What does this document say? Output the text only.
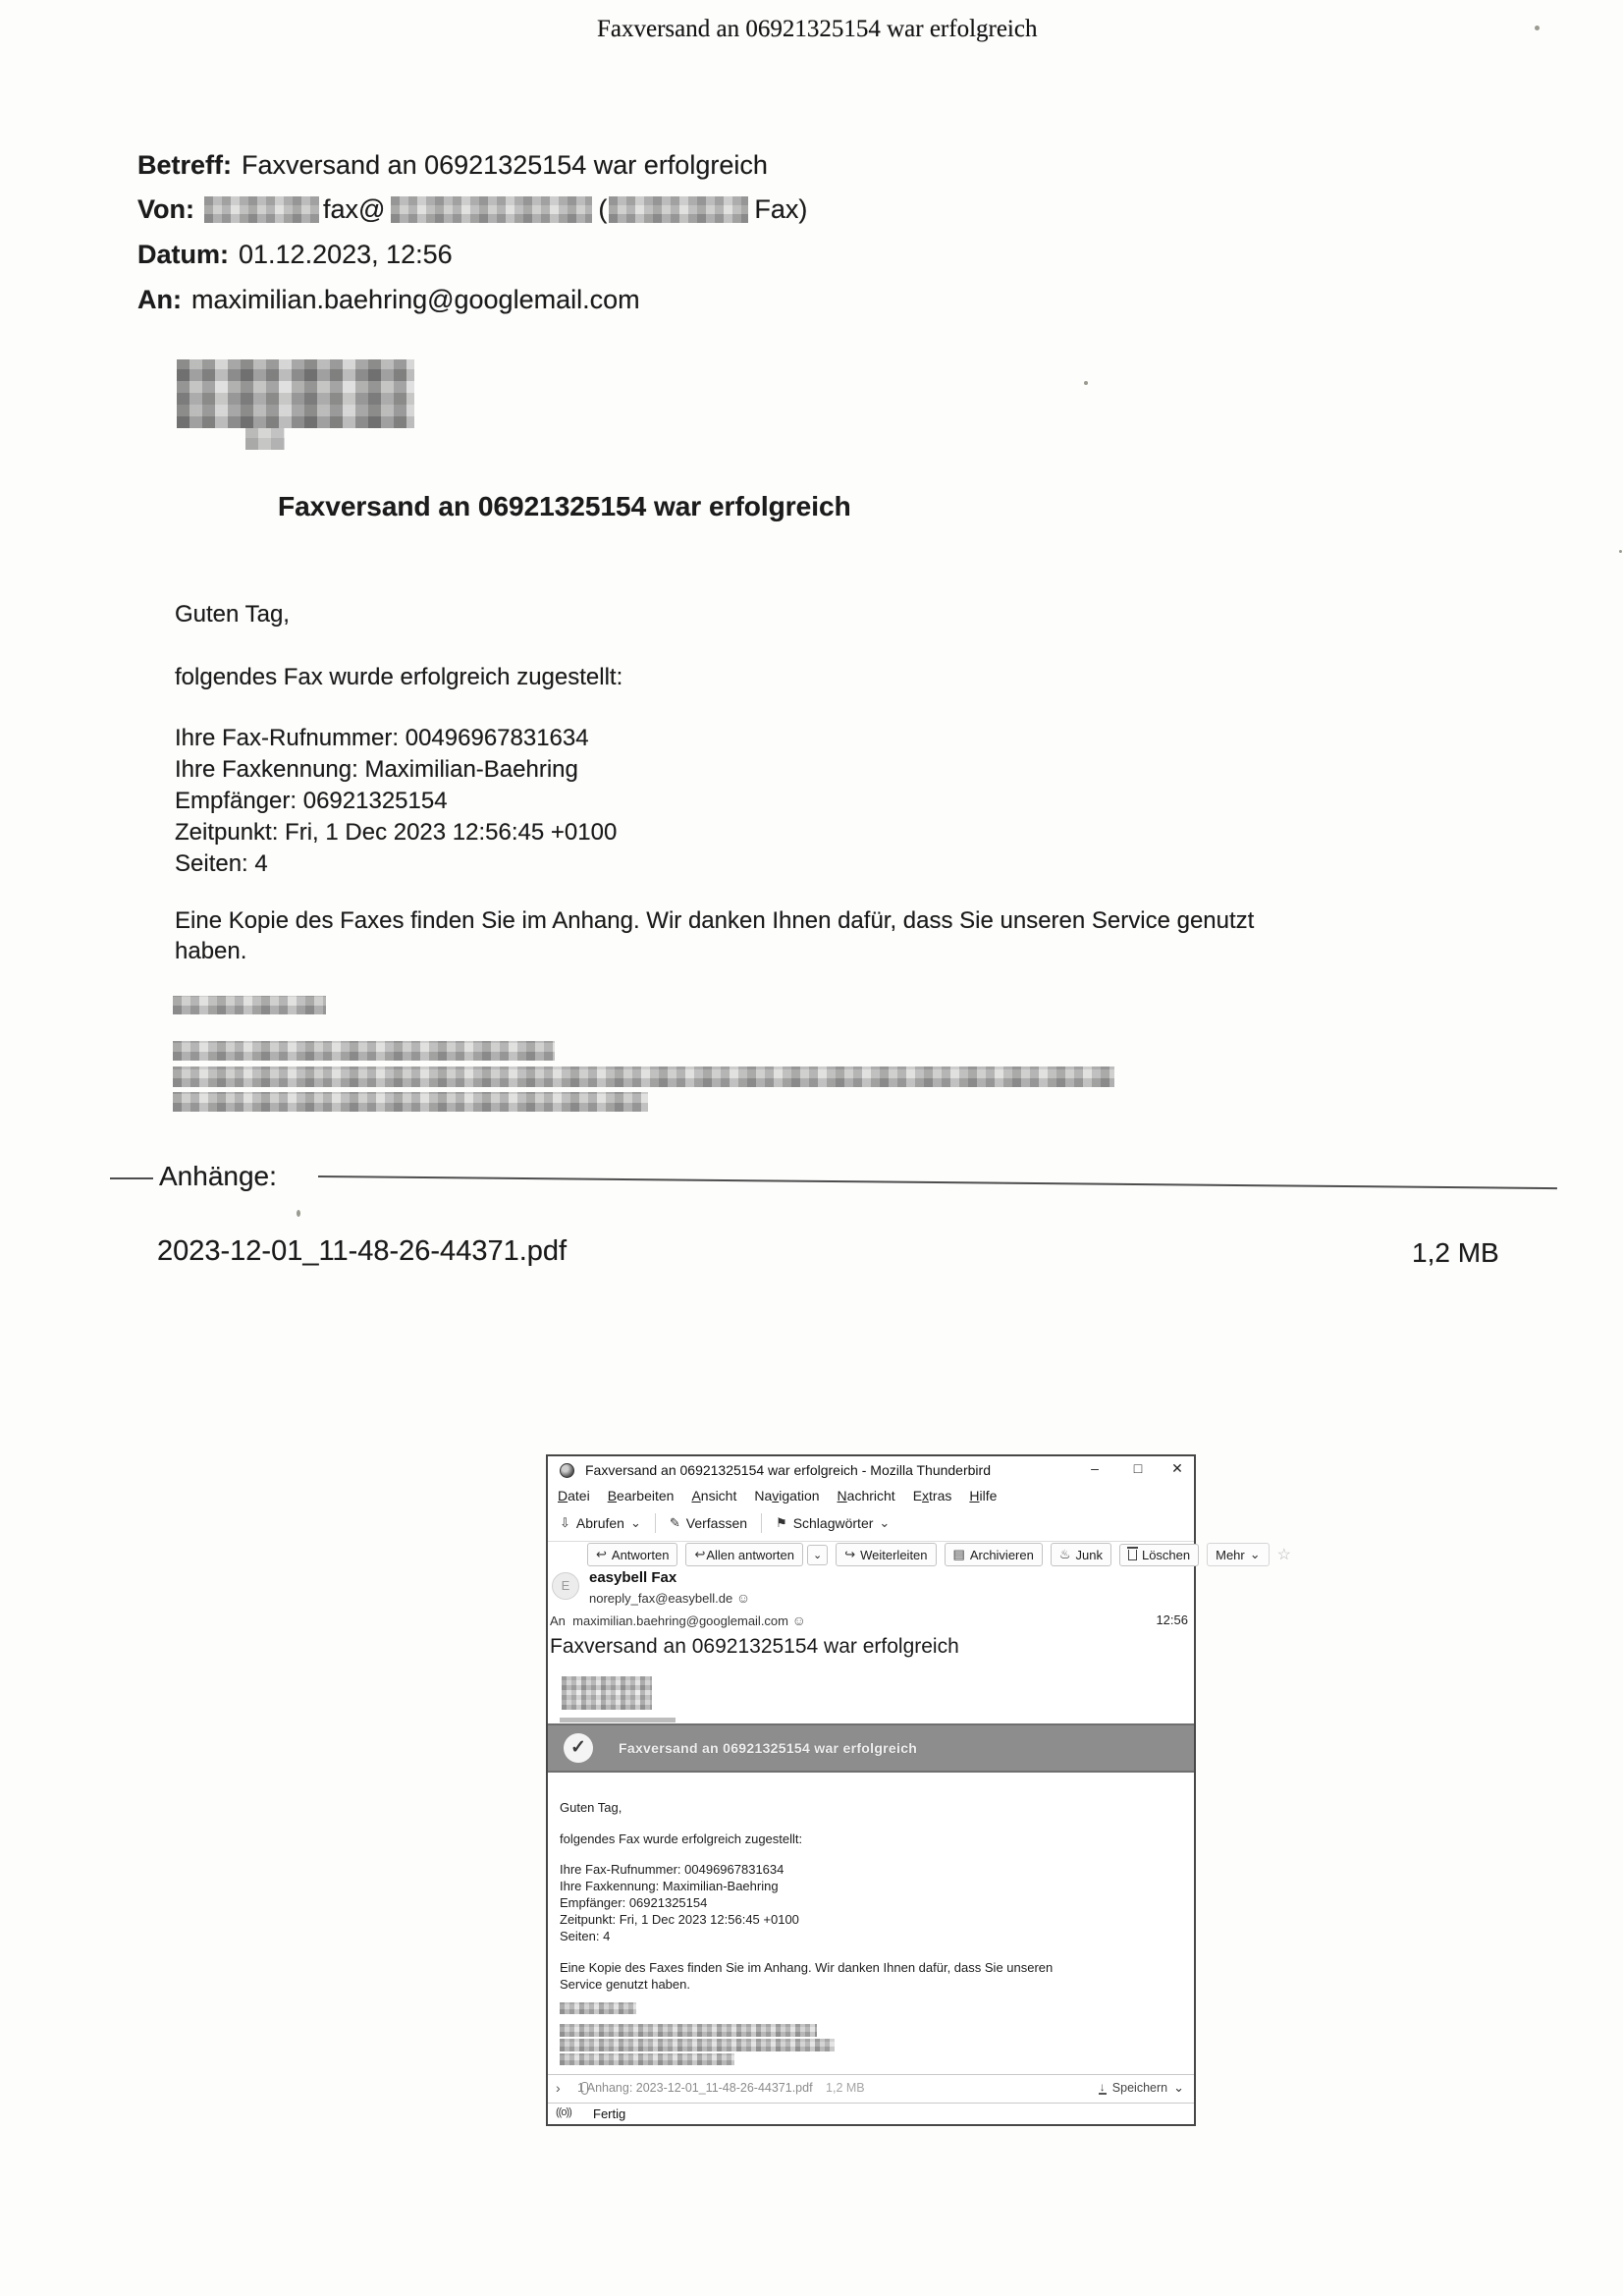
Faxversand an 06921325154 war erfolgreich
Betreff: Faxversand an 06921325154 war erfolgreich
Von:	fax@	(	Fax)
Datum: 01.12.2023, 12:56
An: maximilian.baehring@googlemail.com
Faxversand an 06921325154 war erfolgreich
Guten Tag,
folgendes Fax wurde erfolgreich zugestellt:
Ihre Fax-Rufnummer: 00496967831634
Ihre Faxkennung: Maximilian-Baehring
Empfänger: 06921325154
Zeitpunkt: Fri, 1 Dec 2023 12:56:45 +0100
Seiten: 4
Eine Kopie des Faxes finden Sie im Anhang. Wir danken Ihnen dafür, dass Sie unseren Service genutzt
haben.
Anhänge:
2023-12-01_11-48-26-44371.pdf	1,2 MB
Faxversand an 06921325154 war erfolgreich - Mozilla Thunderbird	–	□	✕
Datei Bearbeiten Ansicht Navigation Nachricht Extras Hilfe
⇩ Abrufen ⌄ ✎ Verfassen ⚑ Schlagwörter ⌄
↩ Antworten ↩ Allen antworten	⌄	↪ Weiterleiten ▤ Archivieren ♨ Junk	Löschen Mehr ⌄ ☆
E	easybell Fax
noreply_fax@easybell.de ☺
An maximilian.baehring@googlemail.com ☺	12:56
Faxversand an 06921325154 war erfolgreich
✓	Faxversand an 06921325154 war erfolgreich
Guten Tag,
folgendes Fax wurde erfolgreich zugestellt:
Ihre Fax-Rufnummer: 00496967831634
Ihre Faxkennung: Maximilian-Baehring
Empfänger: 06921325154
Zeitpunkt: Fri, 1 Dec 2023 12:56:45 +0100
Seiten: 4
Eine Kopie des Faxes finden Sie im Anhang. Wir danken Ihnen dafür, dass Sie unseren
Service genutzt haben.
› 1 Anhang: 2023-12-01_11-48-26-44371.pdf 1,2 MB	↓ Speichern ⌄
((o)) Fertig
